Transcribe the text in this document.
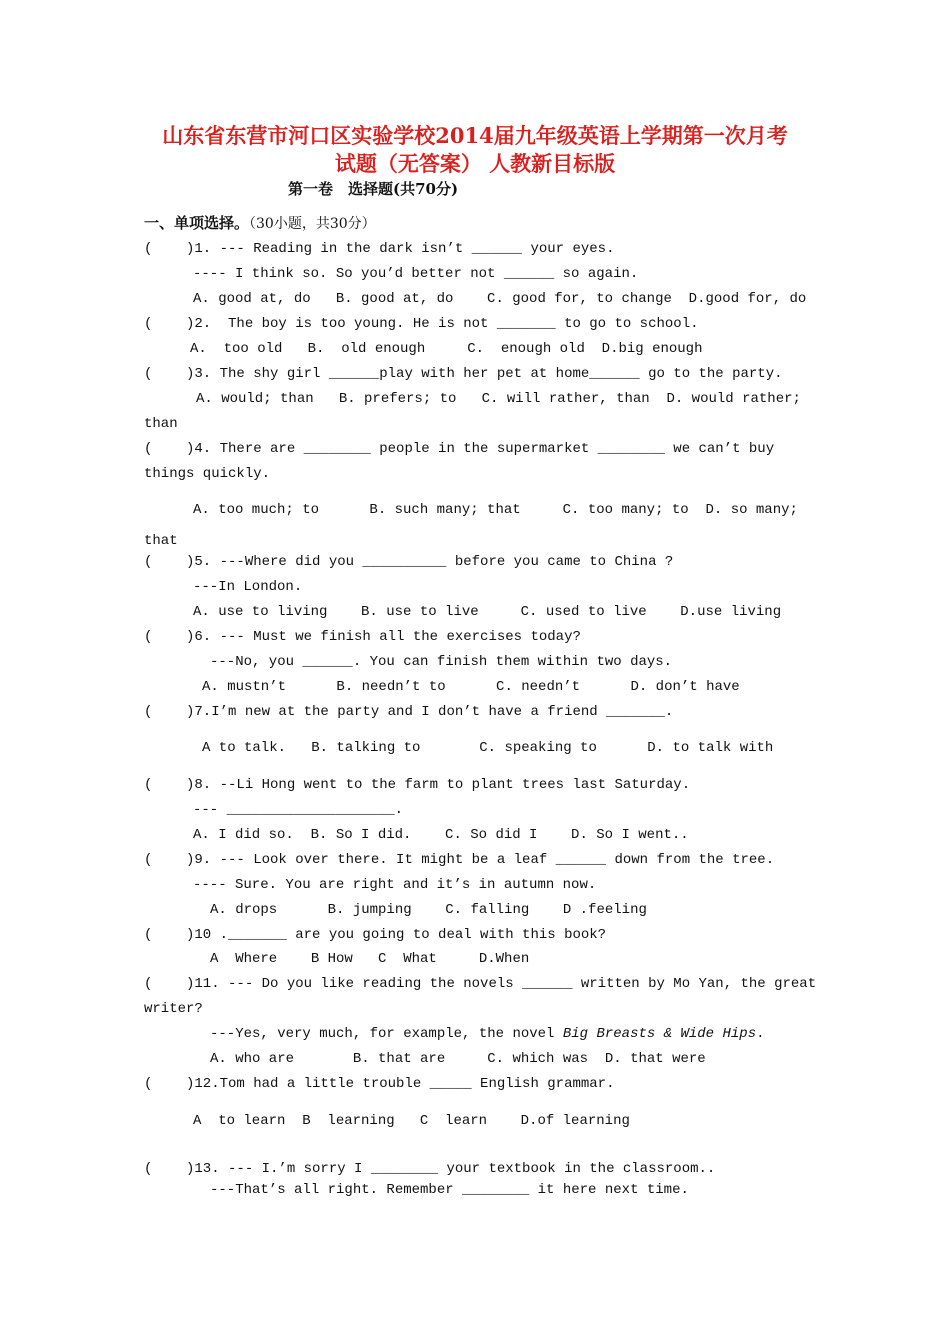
山东省东营市河口区实验学校2014届九年级英语上学期第一次月考
试题（无答案） 人教新目标版
第一卷　选择题(共70分)
一、单项选择。（30小题，共30分）
(    )1. --- Reading in the dark isn’t ______ your eyes.
---- I think so. So you’d better not ______ so again.
A. good at, do   B. good at, do    C. good for, to change  D.good for, do
(    )2.  The boy is too young. He is not _______ to go to school.
A.  too old   B.  old enough     C.  enough old  D.big enough
(    )3. The shy girl ______play with her pet at home______ go to the party.
A. would; than   B. prefers; to   C. will rather, than  D. would rather;
than
(    )4. There are ________ people in the supermarket ________ we can’t buy
things quickly.
A. too much; to      B. such many; that     C. too many; to  D. so many;
that
(    )5. ---Where did you __________ before you came to China ?
---In London.
A. use to living    B. use to live     C. used to live    D.use living
(    )6. --- Must we finish all the exercises today?
---No, you ______. You can finish them within two days.
A. mustn’t      B. needn’t to      C. needn’t      D. don’t have
(    )7.I’m new at the party and I don’t have a friend _______.
A to talk.   B. talking to       C. speaking to      D. to talk with
(    )8. --Li Hong went to the farm to plant trees last Saturday.
--- ____________________.
A. I did so.  B. So I did.    C. So did I    D. So I went..
(    )9. --- Look over there. It might be a leaf ______ down from the tree.
---- Sure. You are right and it’s in autumn now.
A. drops      B. jumping    C. falling    D .feeling
(    )10 ._______ are you going to deal with this book?
A  Where    B How   C  What     D.When
(    )11. --- Do you like reading the novels ______ written by Mo Yan, the great
writer?
---Yes, very much, for example, the novel Big Breasts & Wide Hips.
A. who are       B. that are     C. which was  D. that were
(    )12.Tom had a little trouble _____ English grammar.
A  to learn  B  learning   C  learn    D.of learning
(    )13. --- I.’m sorry I ________ your textbook in the classroom..
---That’s all right. Remember ________ it here next time.
